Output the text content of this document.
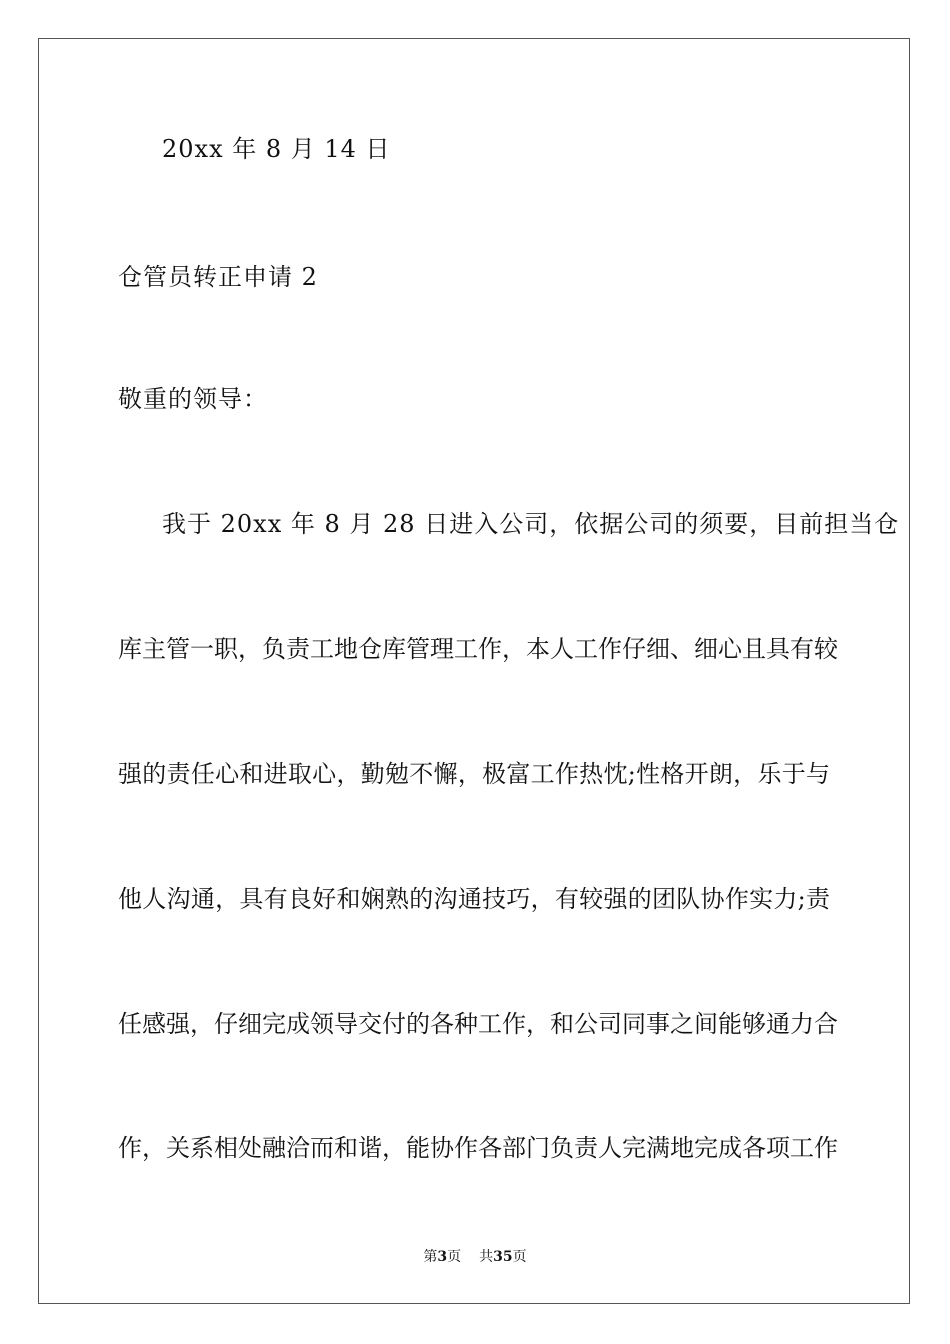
20xx 年 8 月 14 日
仓管员转正申请 2
敬重的领导：
我于 20xx 年 8 月 28 日进入公司，依据公司的须要，目前担当仓
库主管一职，负责工地仓库管理工作，本人工作仔细、细心且具有较
强的责任心和进取心，勤勉不懈，极富工作热忱;性格开朗，乐于与
他人沟通，具有良好和娴熟的沟通技巧，有较强的团队协作实力;责
任感强，仔细完成领导交付的各种工作，和公司同事之间能够通力合
作，关系相处融洽而和谐，能协作各部门负责人完满地完成各项工作
第3页 共35页
